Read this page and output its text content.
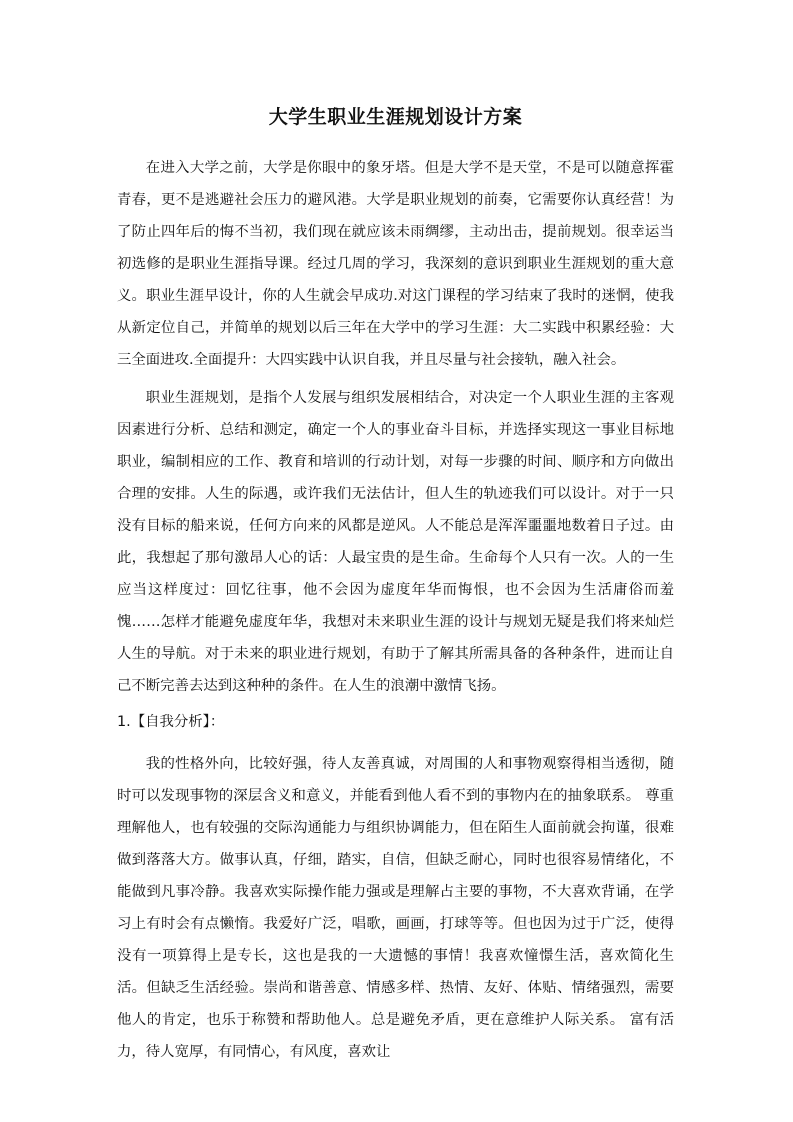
大学生职业生涯规划设计方案

在进入大学之前，大学是你眼中的象牙塔。但是大学不是天堂，不是可以随意挥霍青春，更不是逃避社会压力的避风港。大学是职业规划的前奏，它需要你认真经营！为了防止四年后的悔不当初，我们现在就应该未雨绸缪，主动出击，提前规划。很幸运当初选修的是职业生涯指导课。经过几周的学习，我深刻的意识到职业生涯规划的重大意义。职业生涯早设计，你的人生就会早成功.对这门课程的学习结束了我时的迷惘，使我从新定位自己，并简单的规划以后三年在大学中的学习生涯：大二实践中积累经验：大三全面进攻.全面提升：大四实践中认识自我，并且尽量与社会接轨，融入社会。

职业生涯规划，是指个人发展与组织发展相结合，对决定一个人职业生涯的主客观因素进行分析、总结和测定，确定一个人的事业奋斗目标，并选择实现这一事业目标地职业，编制相应的工作、教育和培训的行动计划，对每一步骤的时间、顺序和方向做出合理的安排。人生的际遇，或许我们无法估计，但人生的轨迹我们可以设计。对于一只没有目标的船来说，任何方向来的风都是逆风。人不能总是浑浑噩噩地数着日子过。由此，我想起了那句激昂人心的话：人最宝贵的是生命。生命每个人只有一次。人的一生应当这样度过：回忆往事，他不会因为虚度年华而悔恨，也不会因为生活庸俗而羞愧……怎样才能避免虚度年华，我想对未来职业生涯的设计与规划无疑是我们将来灿烂人生的导航。对于未来的职业进行规划，有助于了解其所需具备的各种条件，进而让自己不断完善去达到这种种的条件。在人生的浪潮中激情飞扬。

1.【自我分析】：

我的性格外向，比较好强，待人友善真诚，对周围的人和事物观察得相当透彻，随时可以发现事物的深层含义和意义，并能看到他人看不到的事物内在的抽象联系。 尊重理解他人，也有较强的交际沟通能力与组织协调能力，但在陌生人面前就会拘谨，很难做到落落大方。做事认真，仔细，踏实，自信，但缺乏耐心，同时也很容易情绪化，不能做到凡事冷静。我喜欢实际操作能力强或是理解占主要的事物，不大喜欢背诵，在学习上有时会有点懒惰。我爱好广泛，唱歌，画画，打球等等。但也因为过于广泛，使得没有一项算得上是专长，这也是我的一大遗憾的事情！我喜欢憧憬生活，喜欢简化生活。但缺乏生活经验。崇尚和谐善意、情感多样、热情、友好、体贴、情绪强烈，需要他人的肯定，也乐于称赞和帮助他人。总是避免矛盾，更在意维护人际关系。 富有活力，待人宽厚，有同情心，有风度，喜欢让
